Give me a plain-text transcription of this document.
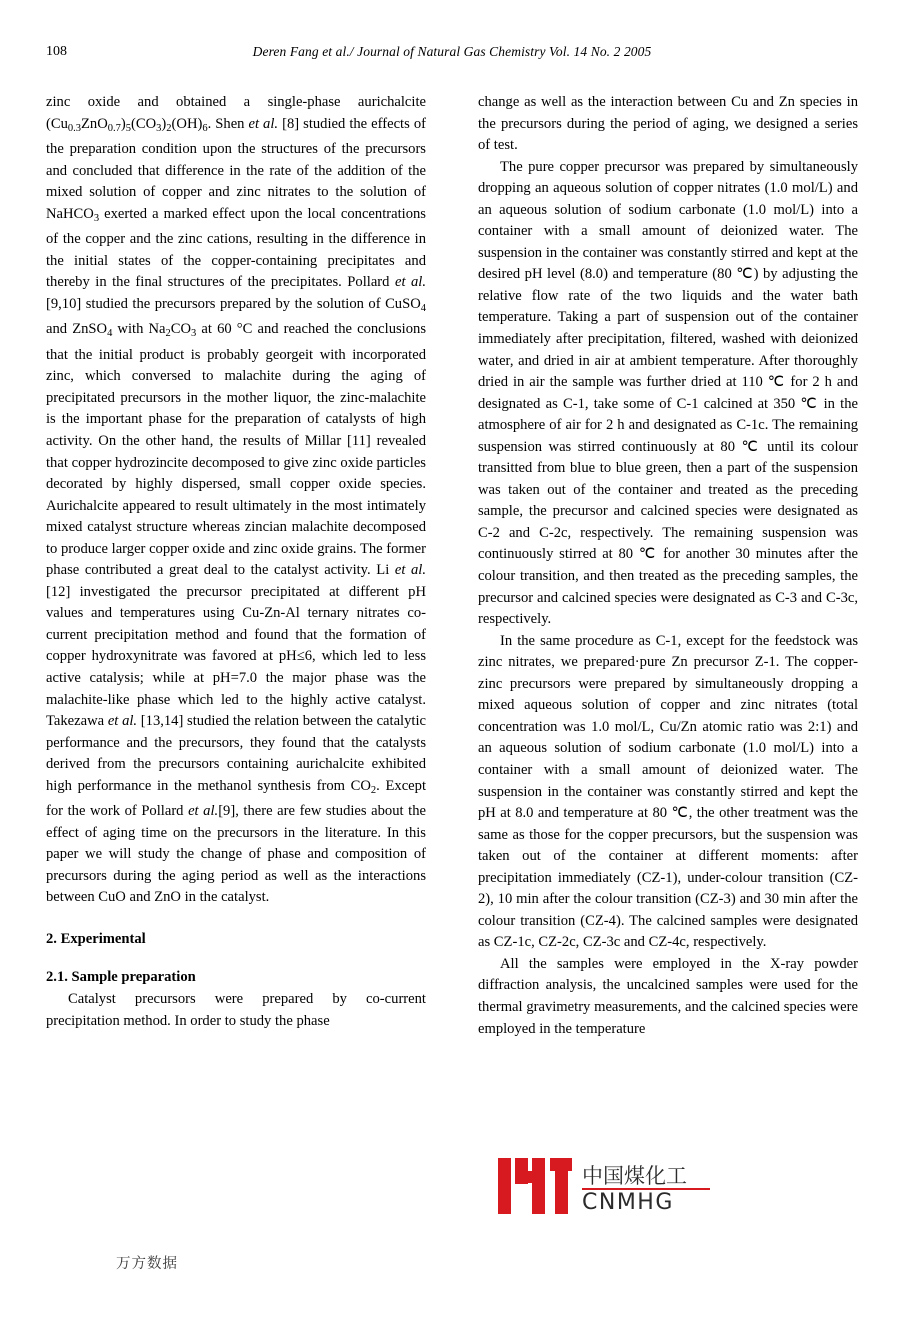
108	Deren Fang et al./ Journal of Natural Gas Chemistry Vol. 14 No. 2 2005

zinc oxide and obtained a single-phase aurichalcite $(Cu_{0.3}ZnO_{0.7})_5(CO_3)_2(OH)_6$. Shen et al. [8] studied the effects of the preparation condition upon the structures of the precursors and concluded that difference in the rate of the addition of the mixed solution of copper and zinc nitrates to the solution of NaHCO$_3$ exerted a marked effect upon the local concentrations of the copper and the zinc cations, resulting in the difference in the initial states of the copper-containing precipitates and thereby in the final structures of the precipitates. Pollard et al. [9,10] studied the precursors prepared by the solution of CuSO$_4$ and ZnSO$_4$ with $Na_2CO_3$ at 60 °C and reached the conclusions that the initial product is probably georgeit with incorporated zinc, which conversed to malachite during the aging of precipitated precursors in the mother liquor, the zinc-malachite is the important phase for the preparation of catalysts of high activity. On the other hand, the results of Millar [11] revealed that copper hydrozincite decomposed to give zinc oxide particles decorated by highly dispersed, small copper oxide species. Aurichalcite appeared to result ultimately in the most intimately mixed catalyst structure whereas zincian malachite decomposed to produce larger copper oxide and zinc oxide grains. The former phase contributed a great deal to the catalyst activity. Li et al. [12] investigated the precursor precipitated at different pH values and temperatures using Cu-Zn-Al ternary nitrates co-current precipitation method and found that the formation of copper hydroxynitrate was favored at pH≤6, which led to less active catalysis; while at pH=7.0 the major phase was the malachite-like phase which led to the highly active catalyst. Takezawa et al. [13,14] studied the relation between the catalytic performance and the precursors, they found that the catalysts derived from the precursors containing aurichalcite exhibited high performance in the methanol synthesis from $CO_2$. Except for the work of Pollard et al.[9], there are few studies about the effect of aging time on the precursors in the literature. In this paper we will study the change of phase and composition of precursors during the aging period as well as the interactions between CuO and ZnO in the catalyst.

2. Experimental
2.1. Sample preparation

Catalyst precursors were prepared by co-current precipitation method. In order to study the phase

change as well as the interaction between Cu and Zn species in the precursors during the period of aging, we designed a series of test.

The pure copper precursor was prepared by simultaneously dropping an aqueous solution of copper nitrates (1.0 mol/L) and an aqueous solution of sodium carbonate (1.0 mol/L) into a container with a small amount of deionized water. The suspension in the container was constantly stirred and kept at the desired pH level (8.0) and temperature (80 ℃) by adjusting the relative flow rate of the two liquids and the water bath temperature. Taking a part of suspension out of the container immediately after precipitation, filtered, washed with deionized water, and dried in air at ambient temperature. After thoroughly dried in air the sample was further dried at 110 ℃ for 2 h and designated as C-1, take some of C-1 calcined at 350 ℃ in the atmosphere of air for 2 h and designated as C-1c. The remaining suspension was stirred continuously at 80 ℃ until its colour transitted from blue to blue green, then a part of the suspension was taken out of the container and treated as the preceding sample, the precursor and calcined species were designated as C-2 and C-2c, respectively. The remaining suspension was continuously stirred at 80 ℃ for another 30 minutes after the colour transition, and then treated as the preceding samples, the precursor and calcined species were designated as C-3 and C-3c, respectively.

In the same procedure as C-1, except for the feedstock was zinc nitrates, we prepared·pure Zn precursor Z-1. The copper-zinc precursors were prepared by simultaneously dropping a mixed aqueous solution of copper and zinc nitrates (total concentration was 1.0 mol/L, Cu/Zn atomic ratio was 2:1) and an aqueous solution of sodium carbonate (1.0 mol/L) into a container with a small amount of deionized water. The suspension in the container was constantly stirred and kept the pH at 8.0 and temperature at 80 ℃, the other treatment was the same as those for the copper precursors, but the suspension was taken out of the container at different moments: after precipitation immediately (CZ-1), under-colour transition (CZ-2), 10 min after the colour transition (CZ-3) and 30 min after the colour transition (CZ-4). The calcined samples were designated as CZ-1c, CZ-2c, CZ-3c and CZ-4c, respectively.

All the samples were employed in the X-ray powder diffraction analysis, the uncalcined samples were used for the thermal gravimetry measurements, and the calcined species were employed in the temperature

中国煤化工
CNMHG
万方数据
